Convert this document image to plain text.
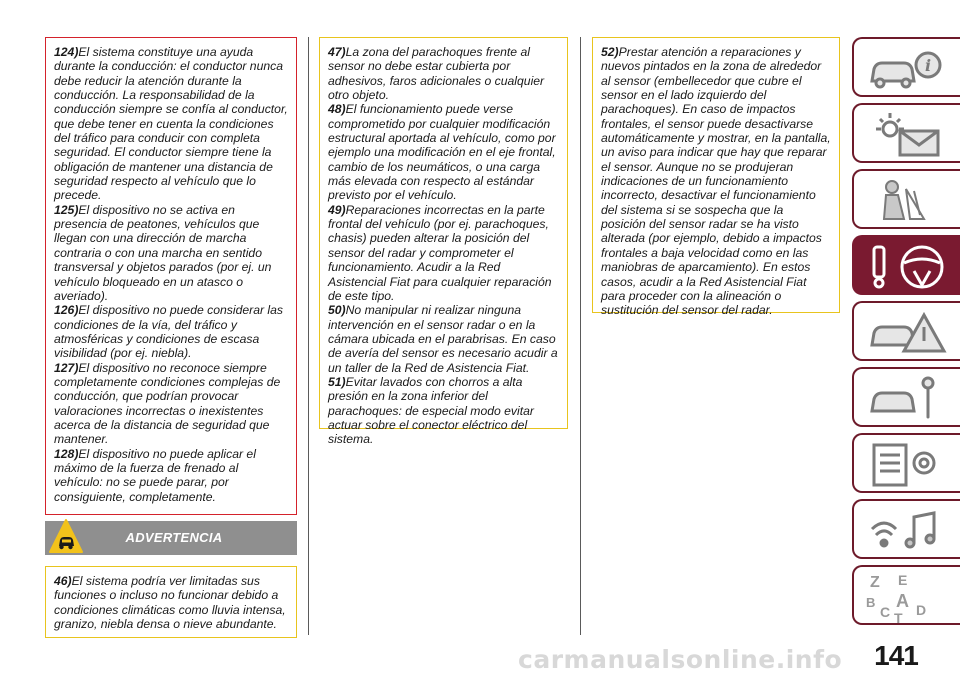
124)El sistema constituye una ayuda durante la conducción: el conductor nunca debe reducir la atención durante la conducción. La responsabilidad de la conducción siempre se confía al conductor, que debe tener en cuenta la condiciones del tráfico para conducir con completa seguridad. El conductor siempre tiene la obligación de mantener una distancia de seguridad respecto al vehículo que lo precede.

125)El dispositivo no se activa en presencia de peatones, vehículos que llegan con una dirección de marcha contraria o con una marcha en sentido transversal y objetos parados (por ej. un vehículo bloqueado en un atasco o averiado).

126)El dispositivo no puede considerar las condiciones de la vía, del tráfico y atmosféricas y condiciones de escasa visibilidad (por ej. niebla).

127)El dispositivo no reconoce siempre completamente condiciones complejas de conducción, que podrían provocar valoraciones incorrectas o inexistentes acerca de la distancia de seguridad que mantener.

128)El dispositivo no puede aplicar el máximo de la fuerza de frenado al vehículo: no se puede parar, por consiguiente, completamente.

ADVERTENCIA

46)El sistema podría ver limitadas sus funciones o incluso no funcionar debido a condiciones climáticas como lluvia intensa, granizo, niebla densa o nieve abundante.

47)La zona del parachoques frente al sensor no debe estar cubierta por adhesivos, faros adicionales o cualquier otro objeto.

48)El funcionamiento puede verse comprometido por cualquier modificación estructural aportada al vehículo, como por ejemplo una modificación en el eje frontal, cambio de los neumáticos, o una carga más elevada con respecto al estándar previsto por el vehículo.

49)Reparaciones incorrectas en la parte frontal del vehículo (por ej. parachoques, chasis) pueden alterar la posición del sensor del radar y comprometer el funcionamiento. Acudir a la Red Asistencial Fiat para cualquier reparación de este tipo.

50)No manipular ni realizar ninguna intervención en el sensor radar o en la cámara ubicada en el parabrisas. En caso de avería del sensor es necesario acudir a un taller de la Red de Asistencia Fiat.

51)Evitar lavados con chorros a alta presión en la zona inferior del parachoques: de especial modo evitar actuar sobre el conector eléctrico del sistema.

52)Prestar atención a reparaciones y nuevos pintados en la zona de alrededor al sensor (embellecedor que cubre el sensor en el lado izquierdo del parachoques). En caso de impactos frontales, el sensor puede desactivarse automáticamente y mostrar, en la pantalla, un aviso para indicar que hay que reparar el sensor. Aunque no se produjeran indicaciones de un funcionamiento incorrecto, desactivar el funcionamiento del sistema si se sospecha que la posición del sensor radar se ha visto alterada (por ejemplo, debido a impactos frontales a baja velocidad como en las maniobras de aparcamiento). En estos casos, acudir a la Red Asistencial Fiat para proceder con la alineación o sustitución del sensor del radar.

i
Z E
B A
C D
T
carmanualsonline.info 141
